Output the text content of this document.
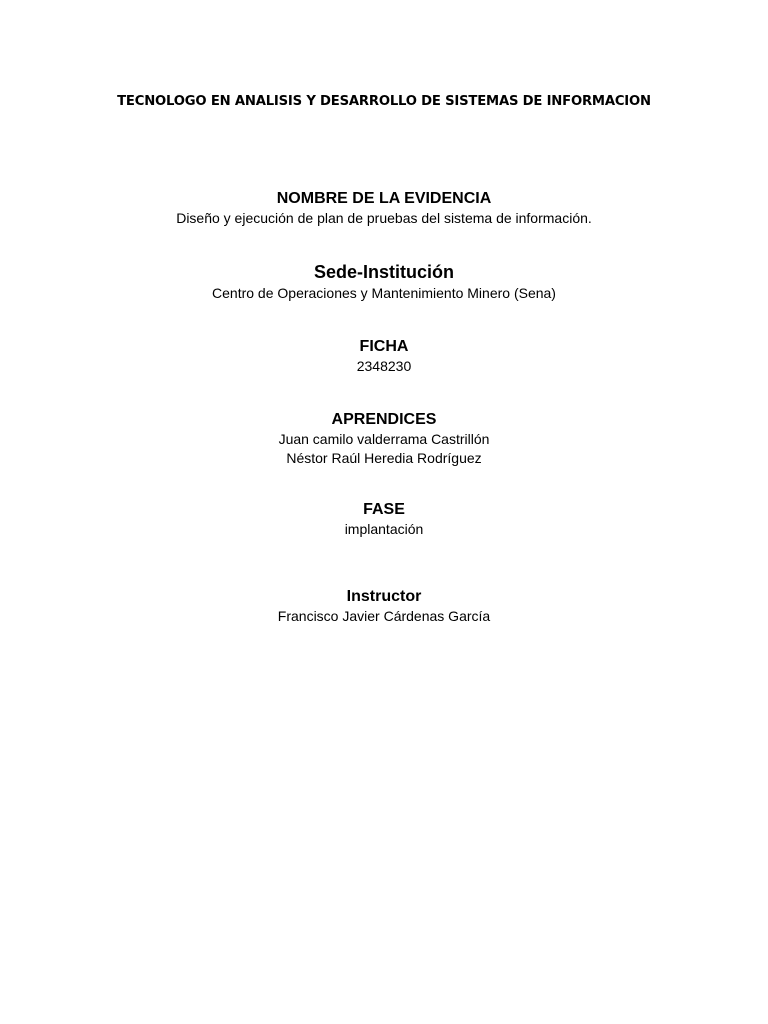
TECNOLOGO EN ANALISIS Y DESARROLLO DE SISTEMAS DE INFORMACION
NOMBRE DE LA EVIDENCIA
Diseño y ejecución de plan de pruebas del sistema de información.
Sede-Institución
Centro de Operaciones y Mantenimiento Minero (Sena)
FICHA
2348230
APRENDICES
Juan camilo valderrama Castrillón
Néstor Raúl Heredia Rodríguez
FASE
implantación
Instructor
Francisco Javier Cárdenas García
